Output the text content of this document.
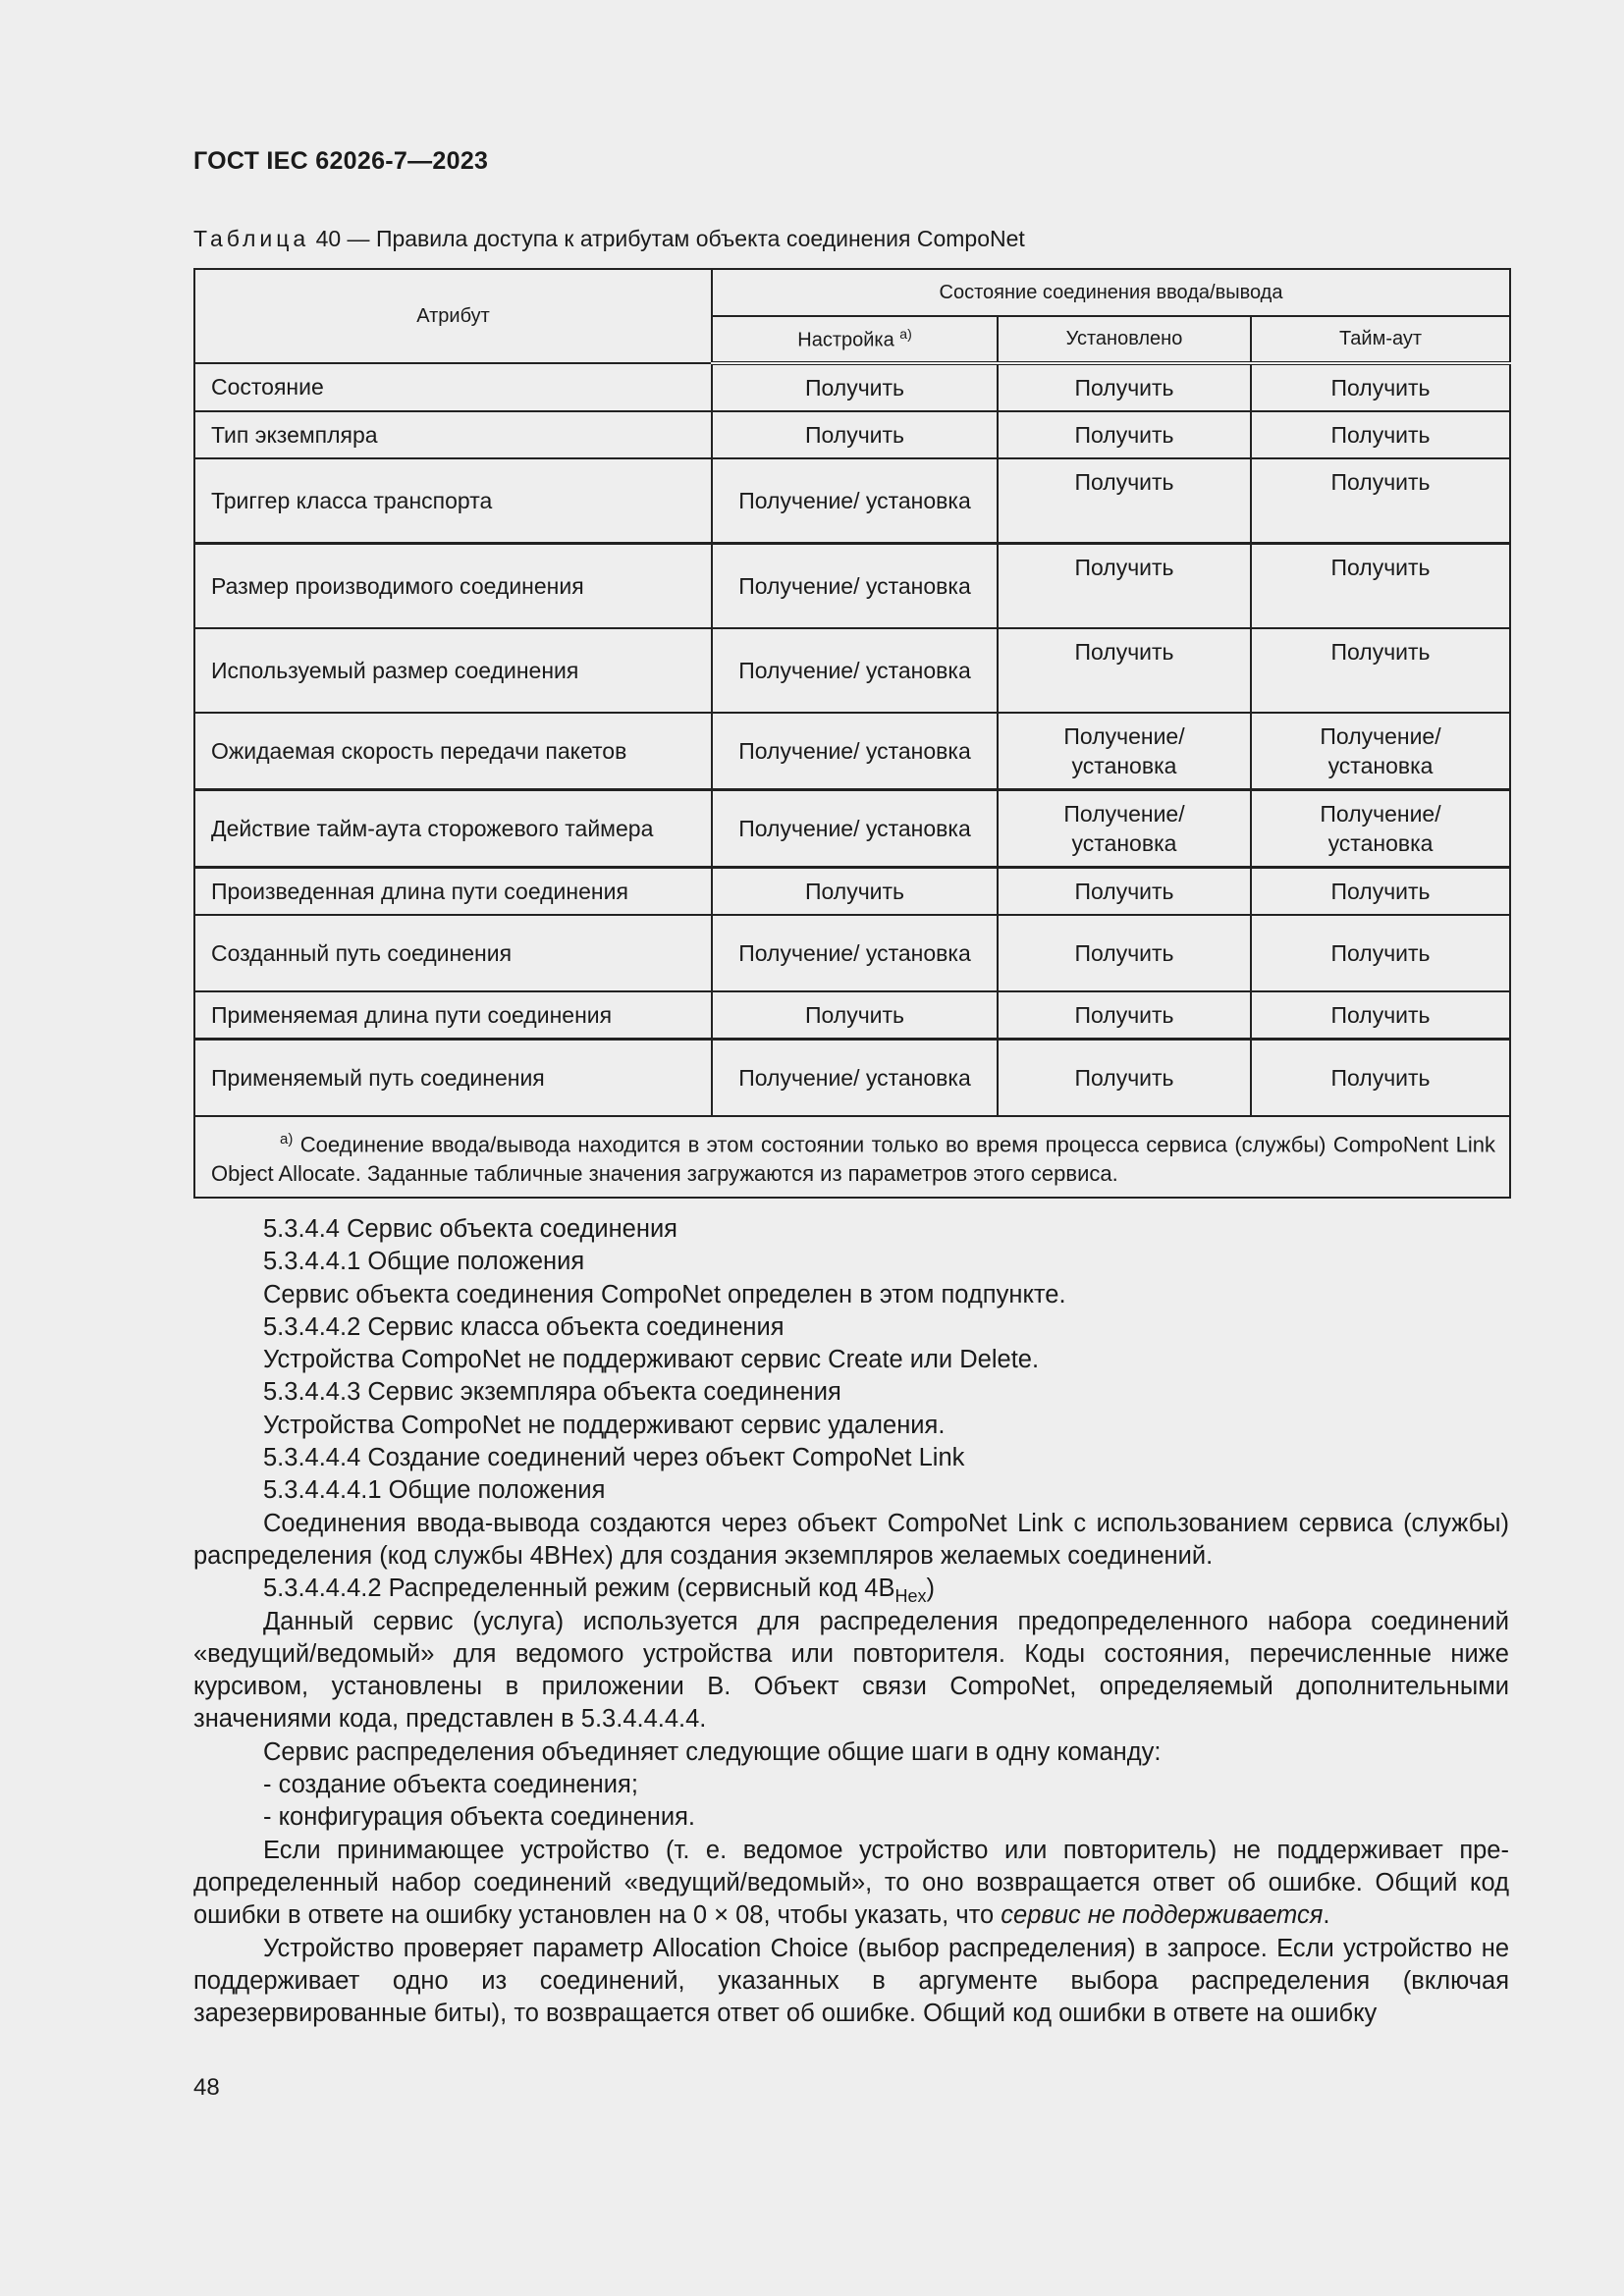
ГОСТ IEC 62026-7—2023
Таблица 40 — Правила доступа к атрибутам объекта соединения CompoNet
Атрибут	Состояние соединения ввода/вывода		
	Настройка $^{а)}$	Установлено	Тайм-аут
Состояние	Получить	Получить	Получить
Тип экземпляра	Получить	Получить	Получить
Триггер класса транспорта	Получение/ установка	Получить	Получить
Размер производимого соединения	Получение/ установка	Получить	Получить
Используемый размер соединения	Получение/ установка	Получить	Получить
Ожидаемая скорость передачи пакетов	Получение/ установка	Получение/ установка	Получение/ установка
Действие тайм-аута сторожевого таймера	Получение/ установка	Получение/ установка	Получение/ установка
Произведенная длина пути соединения	Получить	Получить	Получить
Созданный путь соединения	Получение/ установка	Получить	Получить
Применяемая длина пути соединения	Получить	Получить	Получить
Применяемый путь соединения	Получение/ установка	Получить	Получить
$^{а)}$ Соединение ввода/вывода находится в этом состоянии только во время процесса сервиса (службы) CompoNent Link Object Allocate. Заданные табличные значения загружаются из параметров этого сервиса.			

5.3.4.4 Сервис объекта соединения

5.3.4.4.1 Общие положения

Сервис объекта соединения CompoNet определен в этом подпункте.

5.3.4.4.2 Сервис класса объекта соединения

Устройства CompoNet не поддерживают сервис Create или Delete.

5.3.4.4.3 Сервис экземпляра объекта соединения

Устройства CompoNet не поддерживают сервис удаления.

5.3.4.4.4 Создание соединений через объект CompoNet Link

5.3.4.4.4.1 Общие положения

Соединения ввода-вывода создаются через объект CompoNet Link с использованием сервиса (службы) распределения (код службы 4BHex) для создания экземпляров желаемых соединений.

5.3.4.4.4.2 Распределенный режим (сервисный код $4B_{Hex}$)

Данный сервис (услуга) используется для распределения предопределенного набора соединений «ведущий/ведомый» для ведомого устройства или повторителя. Коды состояния, перечисленные ниже курсивом, установлены в приложении В. Объект связи CompoNet, определяемый дополнительными значениями кода, представлен в 5.3.4.4.4.4.

Сервис распределения объединяет следующие общие шаги в одну команду:

- создание объекта соединения;

- конфигурация объекта соединения.

Если принимающее устройство (т. е. ведомое устройство или повторитель) не поддерживает предопределенный набор соединений «ведущий/ведомый», то оно возвращается ответ об ошибке. Общий код ошибки в ответе на ошибку установлен на 0 × 08, чтобы указать, что сервис не поддерживается.

Устройство проверяет параметр Allocation Choice (выбор распределения) в запросе. Если устройство не поддерживает одно из соединений, указанных в аргументе выбора распределения (включая зарезервированные биты), то возвращается ответ об ошибке. Общий код ошибки в ответе на ошибку

48
